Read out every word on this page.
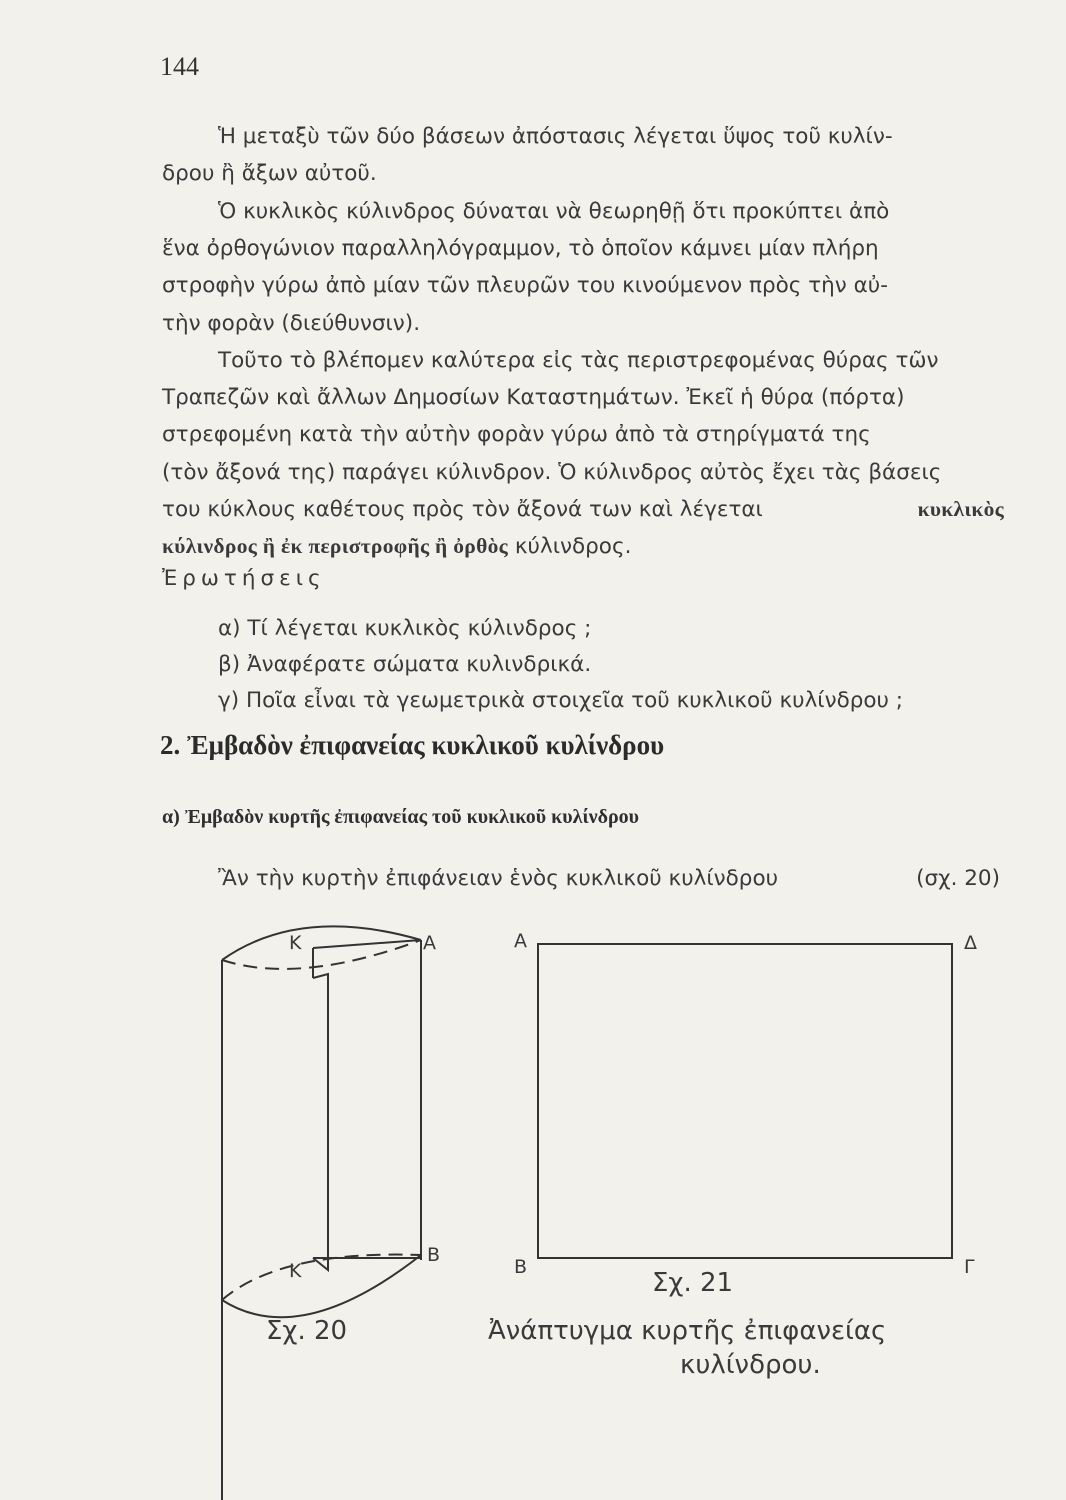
144

Ἡ μεταξὺ τῶν δύο βάσεων ἀπόστασις λέγεται ὕψος τοῦ κυλίν-
δρου ἢ ἄξων αὐτοῦ.

Ὁ κυκλικὸς κύλινδρος δύναται νὰ θεωρηθῇ ὅτι προκύπτει ἀπὸ
ἕνα ὀρθογώνιον παραλληλόγραμμον, τὸ ὁποῖον κάμνει μίαν πλήρη
στροφὴν γύρω ἀπὸ μίαν τῶν πλευρῶν του κινούμενον πρὸς τὴν αὐ-
τὴν φορὰν (διεύθυνσιν).

Τοῦτο τὸ βλέπομεν καλύτερα εἰς τὰς περιστρεφομένας θύρας τῶν
Τραπεζῶν καὶ ἄλλων Δημοσίων Καταστημάτων. Ἐκεῖ ἡ θύρα (πόρτα)
στρεφομένη κατὰ τὴν αὐτὴν φορὰν γύρω ἀπὸ τὰ στηρίγματά της
(τὸν ἄξονά της) παράγει κύλινδρον. Ὁ κύλινδρος αὐτὸς ἔχει τὰς βάσεις
του κύκλους καθέτους πρὸς τὸν ἄξονά των καὶ λέγεται	κυκλικὸς
κύλινδρος ἢ ἐκ περιστροφῆς ἢ ὀρθὸς κύλινδρος.

Ἐρωτήσεις
α) Τί λέγεται κυκλικὸς κύλινδρος ;
β) Ἀναφέρατε σώματα κυλινδρικά.
γ) Ποῖα εἶναι τὰ γεωμετρικὰ στοιχεῖα τοῦ κυκλικοῦ κυλίνδρου ;
2. Ἐμβαδὸν ἐπιφανείας κυκλικοῦ κυλίνδρου
α) Ἐμβαδὸν κυρτῆς ἐπιφανείας τοῦ κυκλικοῦ κυλίνδρου
Ἂν τὴν κυρτὴν ἐπιφάνειαν ἑνὸς κυκλικοῦ κυλίνδρου	(σχ. 20)
Κ	Α
Κ
Β
Σχ. 20
Α	Δ
Β	Γ
Σχ. 21
Ἀνάπτυγμα κυρτῆς ἐπιφανείας
κυλίνδρου.
